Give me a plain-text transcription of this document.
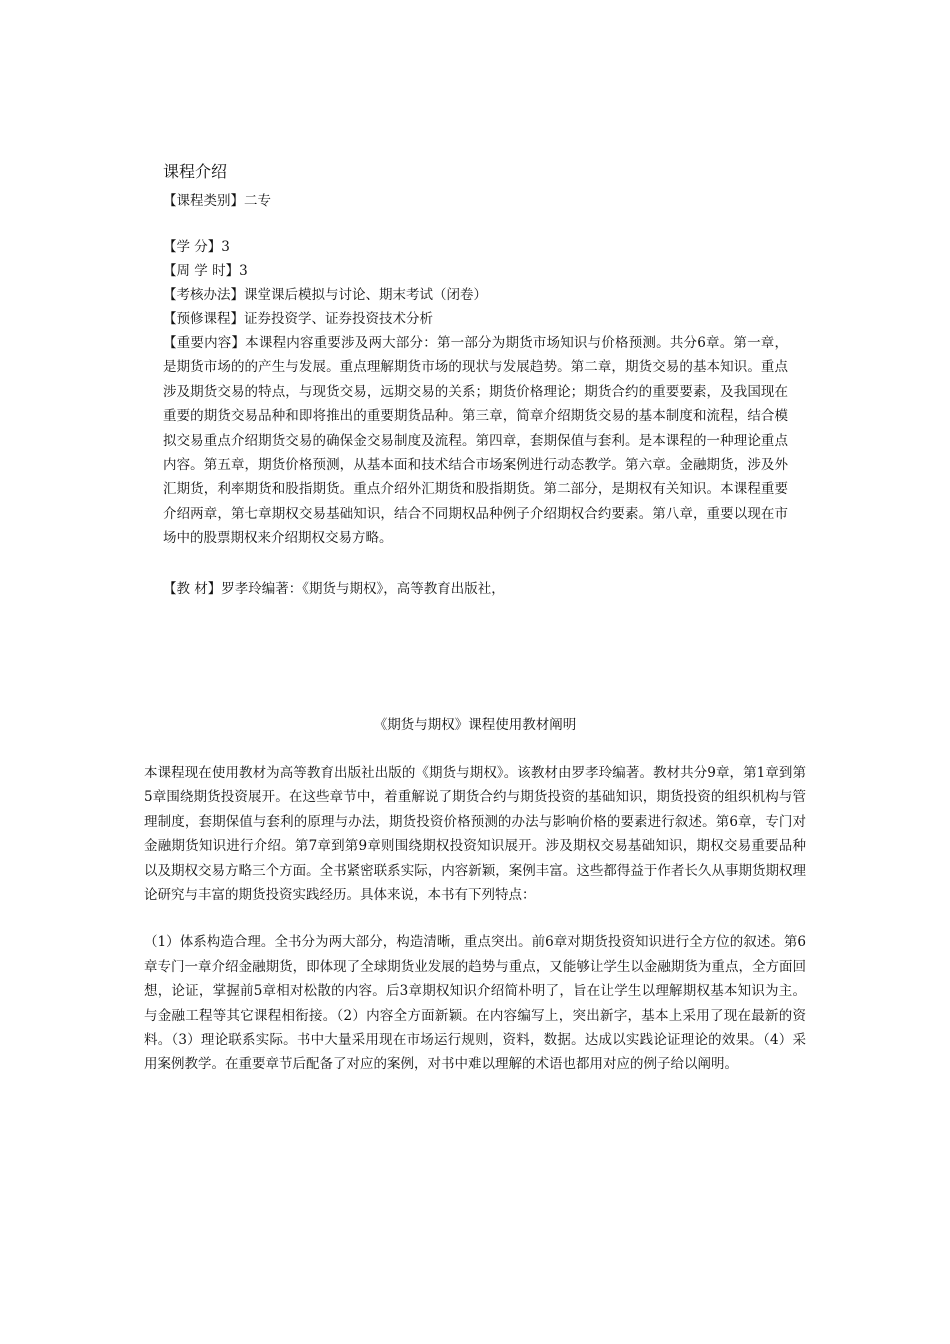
课程介绍

【课程类别】二专

【学 分】3

【周 学 时】3

【考核办法】课堂课后模拟与讨论、期末考试（闭卷）

【预修课程】证券投资学、证券投资技术分析

【重要内容】本课程内容重要涉及两大部分：第一部分为期货市场知识与价格预测。共分6章。第一章，是期货市场的的产生与发展。重点理解期货市场的现状与发展趋势。第二章，期货交易的基本知识。重点涉及期货交易的特点，与现货交易，远期交易的关系；期货价格理论；期货合约的重要要素，及我国现在重要的期货交易品种和即将推出的重要期货品种。第三章，简章介绍期货交易的基本制度和流程，结合模拟交易重点介绍期货交易的确保金交易制度及流程。第四章，套期保值与套利。是本课程的一种理论重点内容。第五章，期货价格预测，从基本面和技术结合市场案例进行动态教学。第六章。金融期货，涉及外汇期货，利率期货和股指期货。重点介绍外汇期货和股指期货。第二部分，是期权有关知识。本课程重要介绍两章，第七章期权交易基础知识，结合不同期权品种例子介绍期权合约要素。第八章，重要以现在市场中的股票期权来介绍期权交易方略。

【教 材】罗孝玲编著：《期货与期权》，高等教育出版社，

《期货与期权》课程使用教材阐明

本课程现在使用教材为高等教育出版社出版的《期货与期权》。该教材由罗孝玲编著。教材共分9章，第1章到第5章围绕期货投资展开。在这些章节中，着重解说了期货合约与期货投资的基础知识，期货投资的组织机构与管理制度，套期保值与套利的原理与办法，期货投资价格预测的办法与影响价格的要素进行叙述。第6章，专门对金融期货知识进行介绍。第7章到第9章则围绕期权投资知识展开。涉及期权交易基础知识，期权交易重要品种以及期权交易方略三个方面。全书紧密联系实际，内容新颖，案例丰富。这些都得益于作者长久从事期货期权理论研究与丰富的期货投资实践经历。具体来说，本书有下列特点：

（1）体系构造合理。全书分为两大部分，构造清晰，重点突出。前6章对期货投资知识进行全方位的叙述。第6章专门一章介绍金融期货，即体现了全球期货业发展的趋势与重点，又能够让学生以金融期货为重点，全方面回想，论证，掌握前5章相对松散的内容。后3章期权知识介绍简朴明了，旨在让学生以理解期权基本知识为主。与金融工程等其它课程相衔接。（2）内容全方面新颖。在内容编写上，突出新字，基本上采用了现在最新的资料。（3）理论联系实际。书中大量采用现在市场运行规则，资料，数据。达成以实践论证理论的效果。（4）采用案例教学。在重要章节后配备了对应的案例，对书中难以理解的术语也都用对应的例子给以阐明。
